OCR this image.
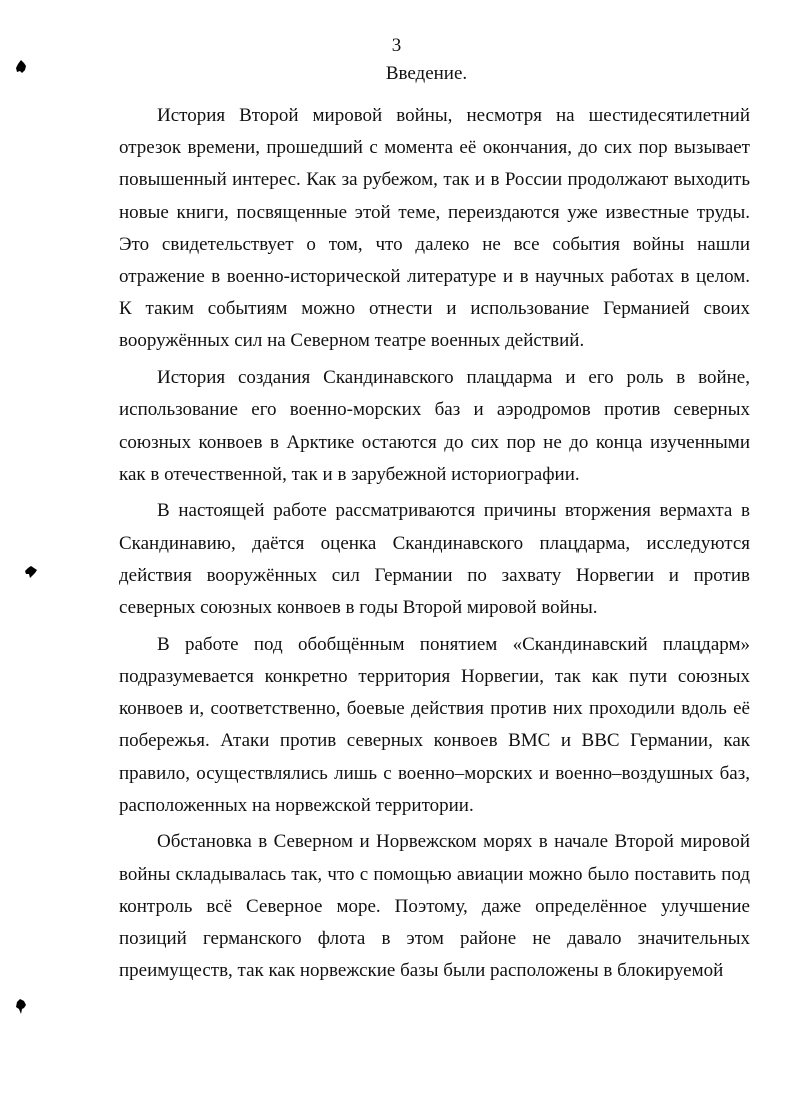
3
Введение.

История Второй мировой войны, несмотря на шестидесятилетний отрезок времени, прошедший с момента её окончания, до сих пор вызывает повышенный интерес. Как за рубежом, так и в России продолжают выходить новые книги, посвященные этой теме, переиздаются уже известные труды. Это свидетельствует о том, что далеко не все события войны нашли отражение в военно-исторической литературе и в научных работах в целом. К таким событиям можно отнести и использование Германией своих вооружённых сил на Северном театре военных действий.

История создания Скандинавского плацдарма и его роль в войне, использование его военно-морских баз и аэродромов против северных союзных конвоев в Арктике остаются до сих пор не до конца изученными как в отечественной, так и в зарубежной историографии.

В настоящей работе рассматриваются причины вторжения вермахта в Скандинавию, даётся оценка Скандинавского плацдарма, исследуются действия вооружённых сил Германии по захвату Норвегии и против северных союзных конвоев в годы Второй мировой войны.

В работе под обобщённым понятием «Скандинавский плацдарм» подразумевается конкретно территория Норвегии, так как пути союзных конвоев и, соответственно, боевые действия против них проходили вдоль её побережья. Атаки против северных конвоев ВМС и ВВС Германии, как правило, осуществлялись лишь с военно–морских и военно–воздушных баз, расположенных на норвежской территории.

Обстановка в Северном и Норвежском морях в начале Второй мировой войны складывалась так, что с помощью авиации можно было поставить под контроль всё Северное море. Поэтому, даже определённое улучшение позиций германского флота в этом районе не давало значительных преимуществ, так как норвежские базы были расположены в блокируемой
